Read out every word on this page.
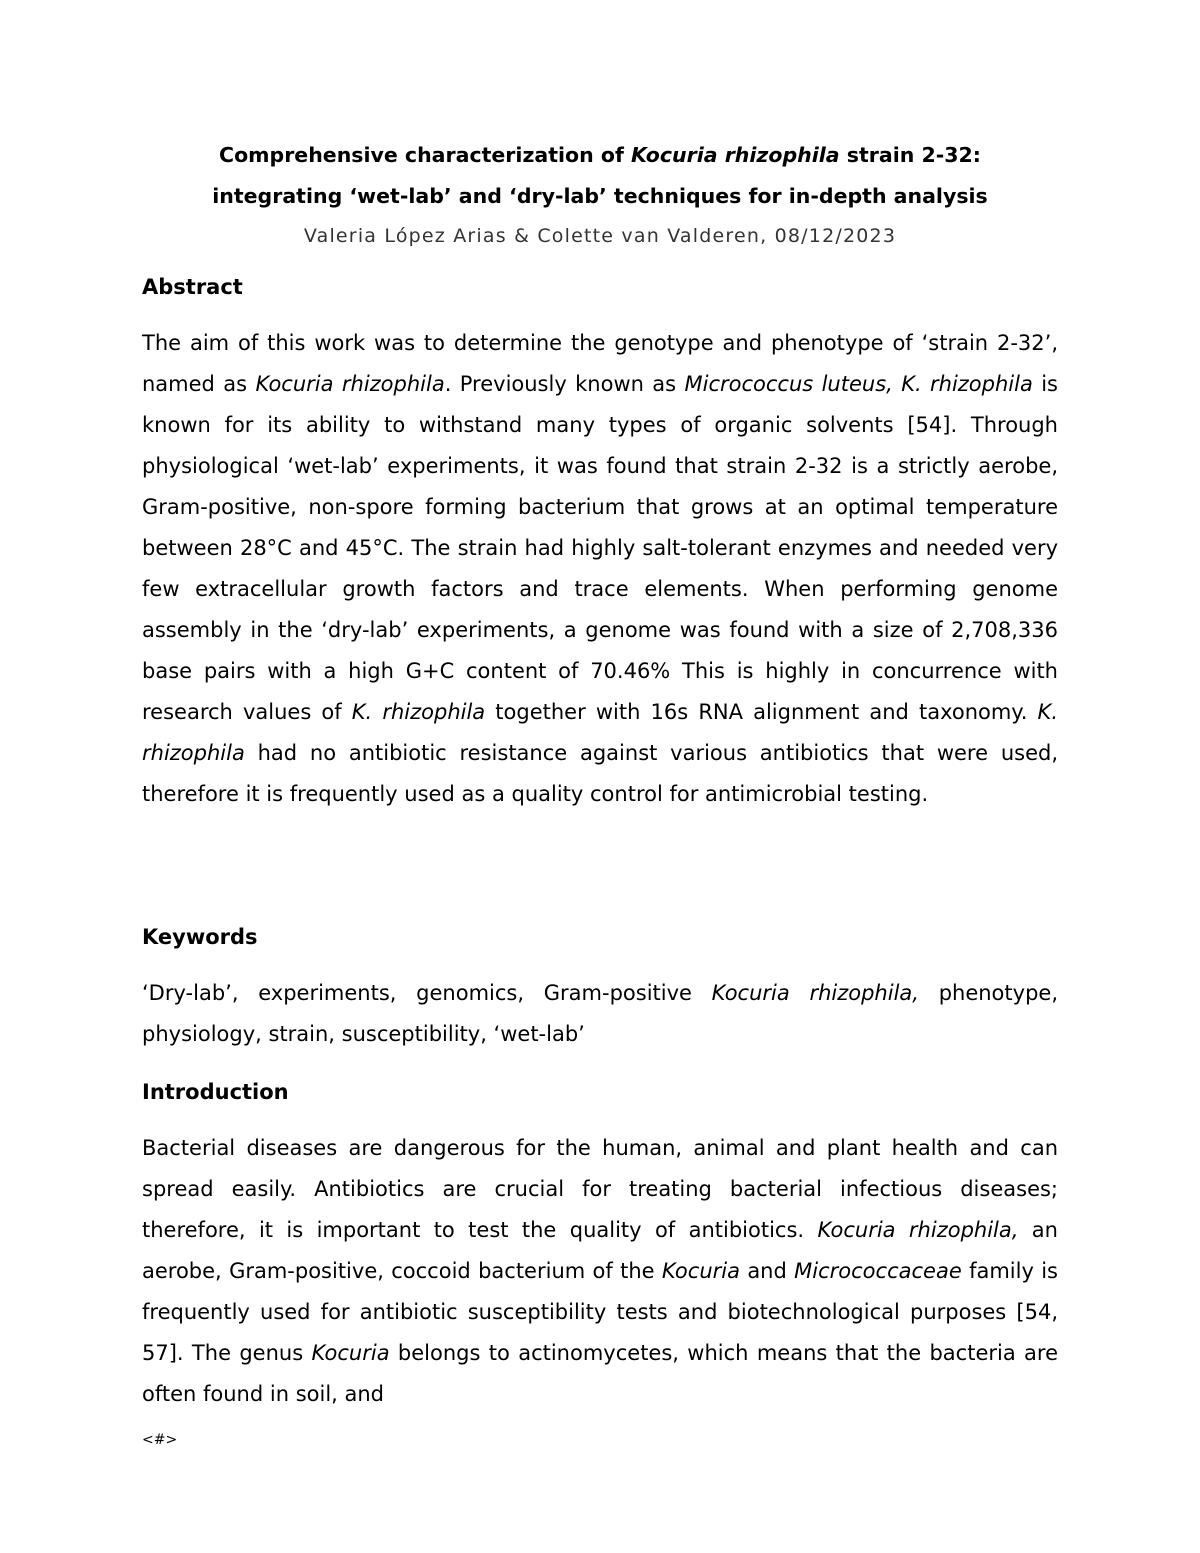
Comprehensive characterization of Kocuria rhizophila strain 2-32:
integrating ‘wet-lab’ and ‘dry-lab’ techniques for in-depth analysis

Valeria López Arias & Colette van Valderen, 08/12/2023

Abstract

The aim of this work was to determine the genotype and phenotype of ‘strain 2-32’, named as Kocuria rhizophila. Previously known as Micrococcus luteus, K. rhizophila is known for its ability to withstand many types of organic solvents [54]. Through physiological ‘wet-lab’ experiments, it was found that strain 2-32 is a strictly aerobe, Gram-positive, non-spore forming bacterium that grows at an optimal temperature between 28°C and 45°C. The strain had highly salt-tolerant enzymes and needed very few extracellular growth factors and trace elements. When performing genome assembly in the ‘dry-lab’ experiments, a genome was found with a size of 2,708,336 base pairs with a high G+C content of 70.46% This is highly in concurrence with research values of K. rhizophila together with 16s RNA alignment and taxonomy. K. rhizophila had no antibiotic resistance against various antibiotics that were used, therefore it is frequently used as a quality control for antimicrobial testing.

Keywords

‘Dry-lab’, experiments, genomics, Gram-positive Kocuria rhizophila, phenotype, physiology, strain, susceptibility, ‘wet-lab’

Introduction

Bacterial diseases are dangerous for the human, animal and plant health and can spread easily. Antibiotics are crucial for treating bacterial infectious diseases; therefore, it is important to test the quality of antibiotics. Kocuria rhizophila, an aerobe, Gram-positive, coccoid bacterium of the Kocuria and Micrococcaceae family is frequently used for antibiotic susceptibility tests and biotechnological purposes [54, 57]. The genus Kocuria belongs to actinomycetes, which means that the bacteria are often found in soil, and

<#>
